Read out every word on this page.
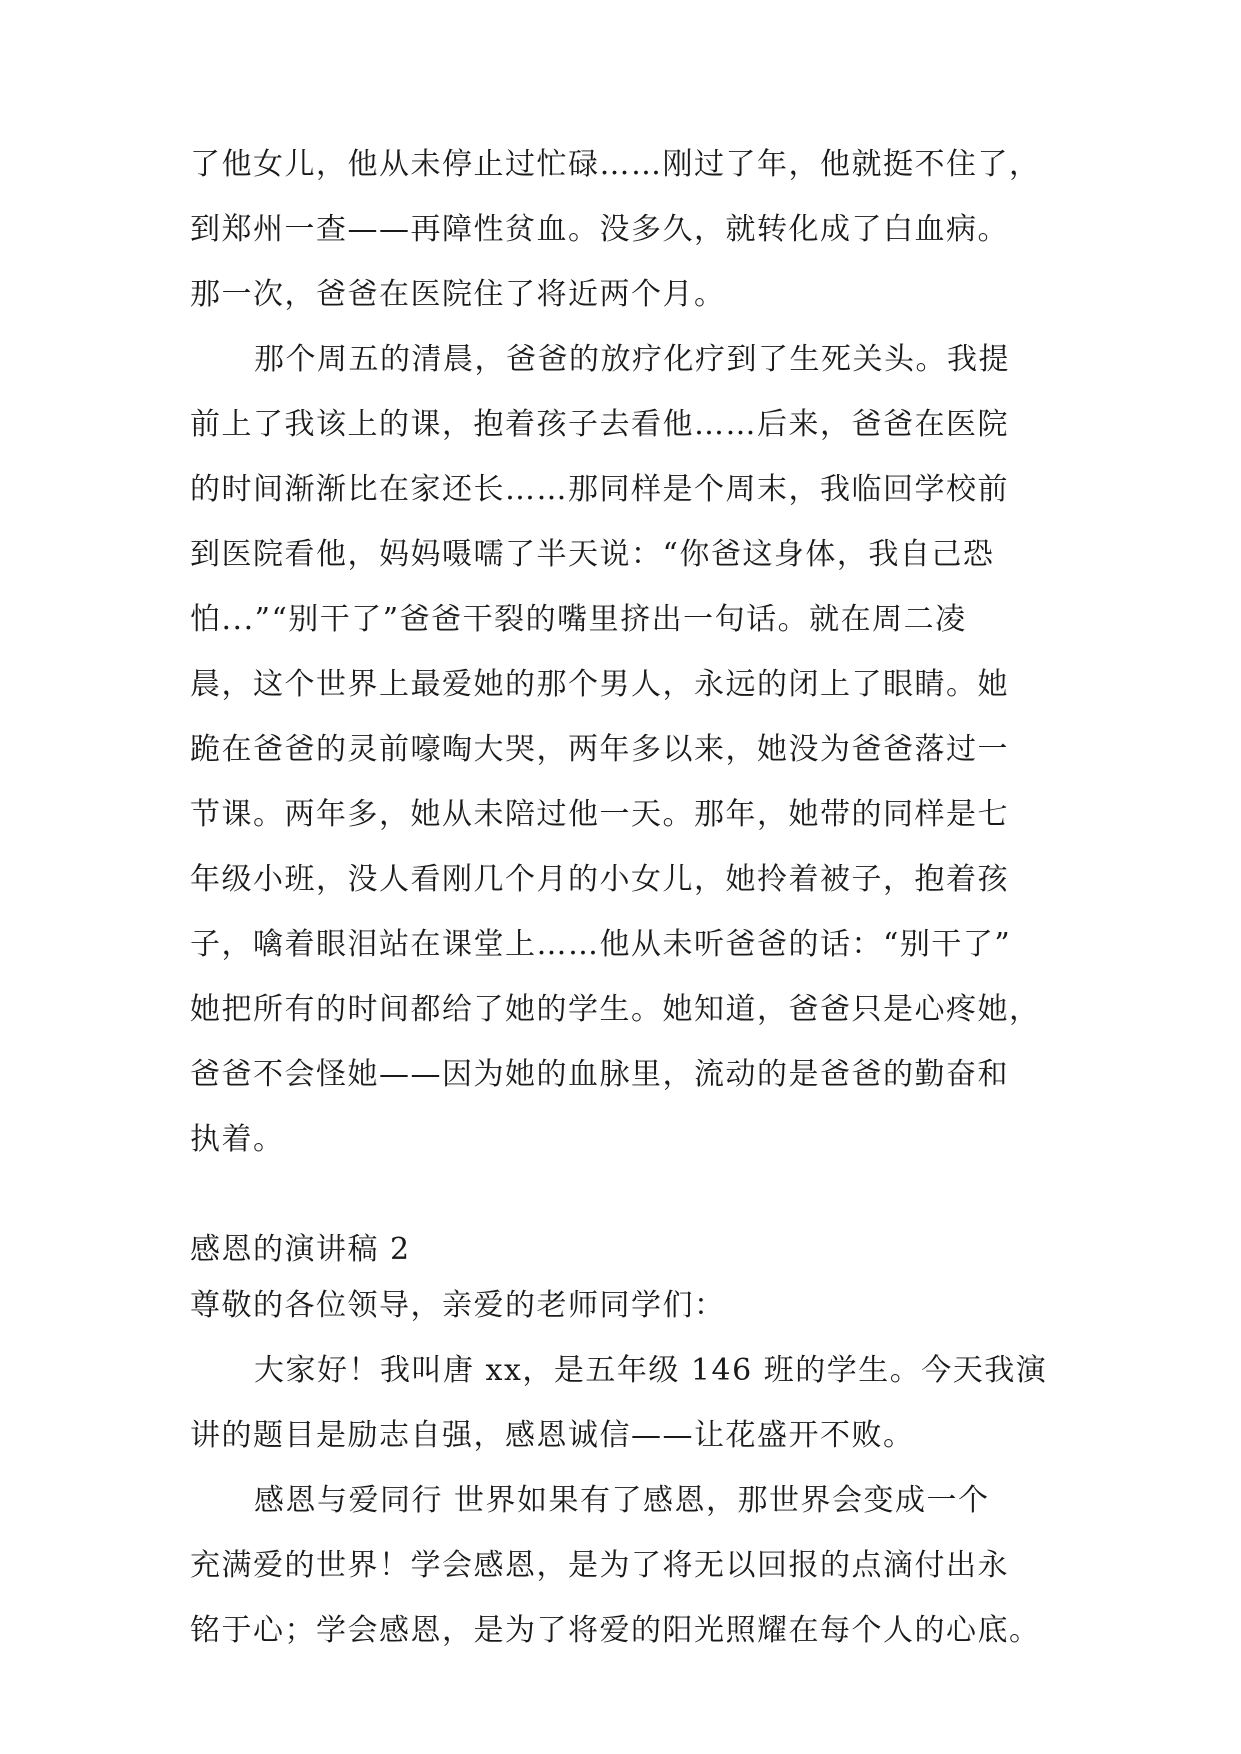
了他女儿，他从未停止过忙碌……刚过了年，他就挺不住了，
到郑州一查——再障性贫血。没多久，就转化成了白血病。
那一次，爸爸在医院住了将近两个月。
那个周五的清晨，爸爸的放疗化疗到了生死关头。我提
前上了我该上的课，抱着孩子去看他……后来，爸爸在医院
的时间渐渐比在家还长……那同样是个周末，我临回学校前
到医院看他，妈妈嗫嚅了半天说：“你爸这身体，我自己恐
怕...”“别干了”爸爸干裂的嘴里挤出一句话。就在周二凌
晨，这个世界上最爱她的那个男人，永远的闭上了眼睛。她
跪在爸爸的灵前嚎啕大哭，两年多以来，她没为爸爸落过一
节课。两年多，她从未陪过他一天。那年，她带的同样是七
年级小班，没人看刚几个月的小女儿，她拎着被子，抱着孩
子，噙着眼泪站在课堂上……他从未听爸爸的话：“别干了”
她把所有的时间都给了她的学生。她知道，爸爸只是心疼她，
爸爸不会怪她——因为她的血脉里，流动的是爸爸的勤奋和
执着。
感恩的演讲稿 2
尊敬的各位领导，亲爱的老师同学们：
大家好！我叫唐 xx，是五年级 146 班的学生。今天我演
讲的题目是励志自强，感恩诚信——让花盛开不败。
感恩与爱同行 世界如果有了感恩，那世界会变成一个
充满爱的世界！学会感恩，是为了将无以回报的点滴付出永
铭于心；学会感恩，是为了将爱的阳光照耀在每个人的心底。
